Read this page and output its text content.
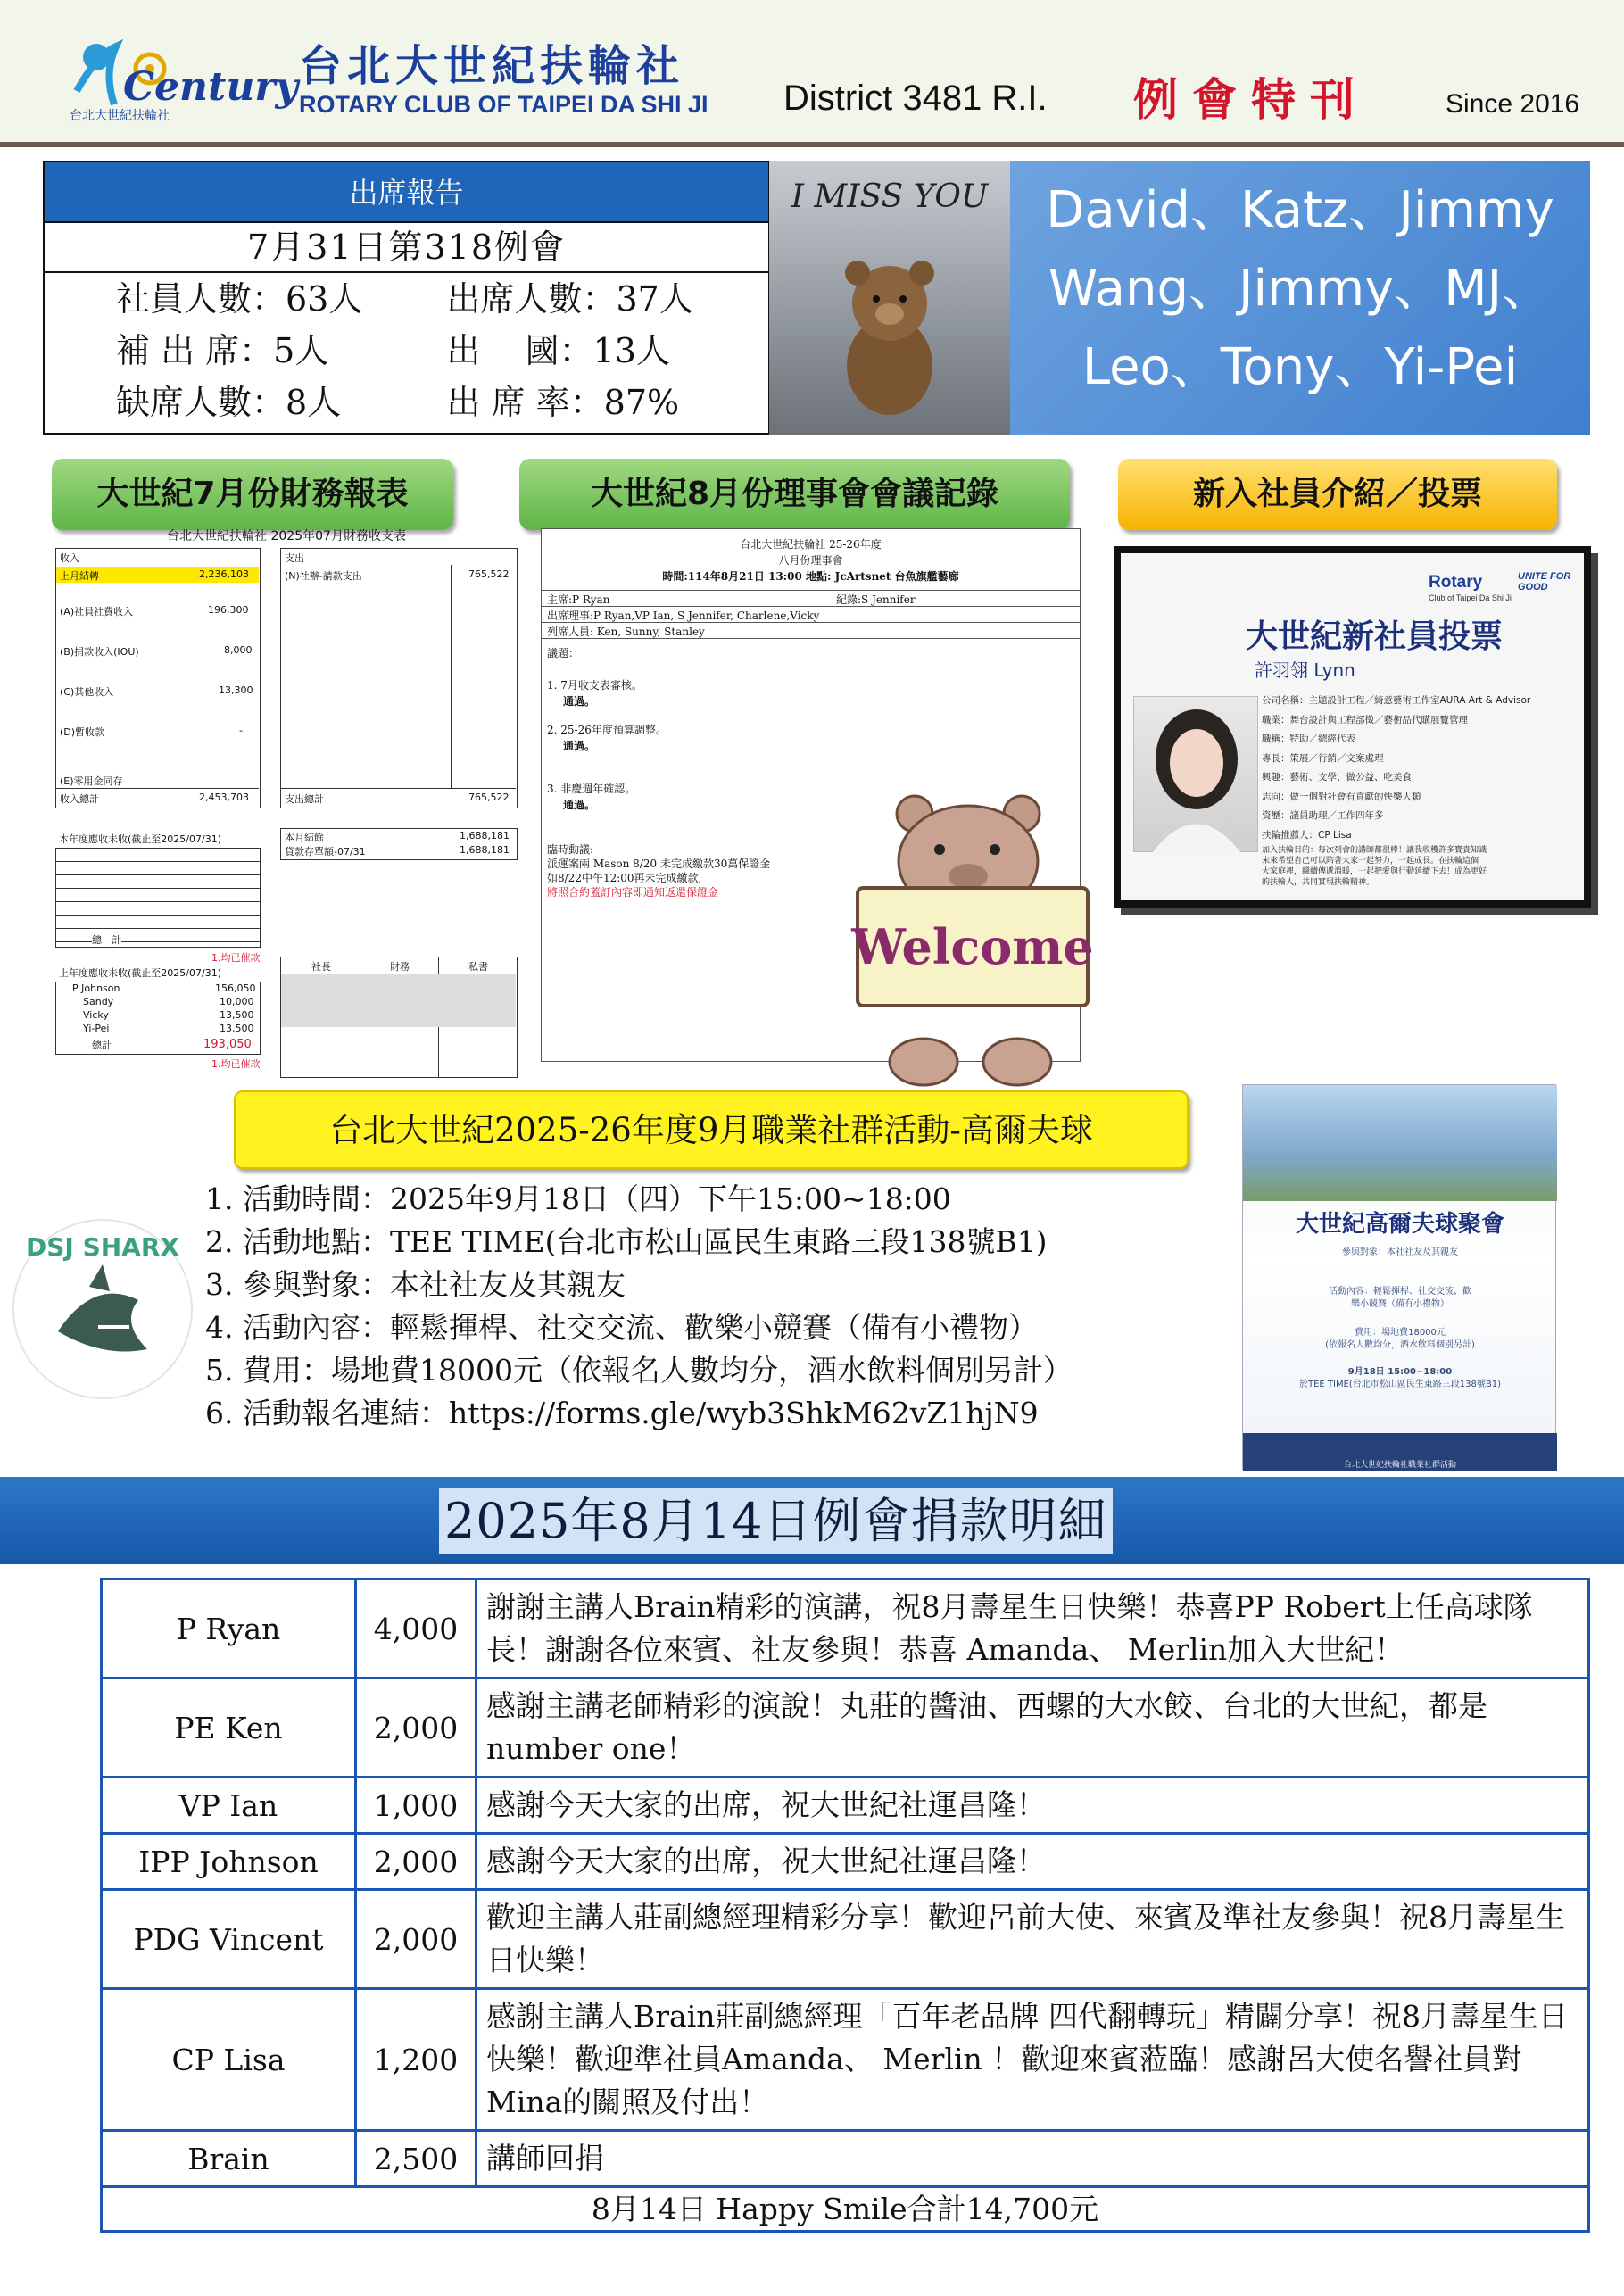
Century
台北大世紀扶輪社
台北大世紀扶輪社
ROTARY CLUB OF TAIPEI DA SHI JI District 3481 R.I. 例會特刊	Since 2016
出席報告
7月31日第318例會
社員人數：63人	出席人數：37人
補 出 席：5人	出　 國：13人
缺席人數：8人	出 席 率：87%
I MISS YOU	David、Katz、Jimmy
Wang、Jimmy、MJ、
Leo、Tony、Yi-Pei
大世紀7月份財務報表	大世紀8月份理事會會議記錄	新入社員介紹／投票
台北大世紀扶輪社 2025年07月財務收支表
收入
上月結轉	2,236,103
(A)社員社費收入	196,300
(B)捐款收入(IOU)	8,000
(C)其他收入	13,300
(D)暫收款	-
(E)零用金同存
收入總計	2,453,703
支出
(N)社辦-請款支出	765,522
支出總計	765,522
本月結餘	1,688,181
貸款存單額-07/31	1,688,181
本年度應收未收(截止至2025/07/31)
總　計
1.均已催款
上年度應收未收(截止至2025/07/31)
P Johnson	156,050
Sandy	10,000
Vicky	13,500
Yi-Pei	13,500
總計	193,050
1.均已催款
社長	財務	私書
台北大世紀扶輪社 25-26年度
八月份理事會
時間:114年8月21日 13:00 地點: JcArtsnet 台魚旗艦藝廊
主席:P Ryan	紀錄:S Jennifer
出席理事:P Ryan,VP Ian, S Jennifer, Charlene,Vicky
列席人員: Ken, Sunny, Stanley
議題：
1. 7月收支表審核。
通過。
2. 25-26年度預算調整。
通過。
3. 非慶週年確認。
通過。
臨時動議:
派運案兩 Mason 8/20 未完成繳款30萬保證金
如8/22中午12:00再未完成繳款,
將照合約蓋訂內容即通知返還保證金
Welcome
Rotary
Club of Taipei Da Shi Ji
UNITE FOR GOOD
大世紀新社員投票
許羽翎 Lynn
公司名稱：主題設計工程／綺意藝術工作室AURA Art & Advisor
職業：舞台設計與工程部徵／藝術品代購展覽管理
職稱：特助／總經代表
專長：策展／行銷／文案處理
興趣：藝術、文學、做公益、吃美食
志向：做一個對社會有貢獻的快樂人類
資歷：議員助理／工作四年多
扶輪推薦人：CP Lisa
加入扶輪目的：每次列會的講師都很棒！讓我收穫許多寶貴知識
未來希望自己可以陪著大家一起努力，一起成長。在扶輪這個
大家庭裡，繼續傳遞溫暖，一起把愛與行動延續下去！成為更好
的扶輪人，共同實現扶輪精神。
台北大世紀2025-26年度9月職業社群活動-高爾夫球
1. 活動時間：2025年9月18日（四）下午15:00~18:00
2. 活動地點：TEE TIME(台北市松山區民生東路三段138號B1)
3. 參與對象：本社社友及其親友
4. 活動內容：輕鬆揮桿、社交交流、歡樂小競賽（備有小禮物）
5. 費用：場地費18000元（依報名人數均分，酒水飲料個別另計）
6. 活動報名連結：https://forms.gle/wyb3ShkM62vZ1hjN9
DSJ SHARX
大世紀高爾夫球聚會
參與對象：本社社友及其親友
活動內容：輕鬆揮桿、社交交流、歡
樂小競賽（備有小禮物）
費用：場地費18000元
(依報名人數均分，酒水飲料個別另計)
9月18日 15:00~18:00
於TEE TIME(台北市松山區民生東路三段138號B1)
台北大世紀扶輪社職業社群活動
2025年8月14日例會捐款明細
P Ryan	4,000	謝謝主講人Brain精彩的演講，祝8月壽星生日快樂！恭喜PP Robert上任高球隊長！謝謝各位來賓、社友參與！恭喜 Amanda、 Merlin加入大世紀！
PE Ken	2,000	感謝主講老師精彩的演說！丸莊的醬油、西螺的大水餃、台北的大世紀，都是number one！
VP Ian	1,000	感謝今天大家的出席，祝大世紀社運昌隆！
IPP Johnson	2,000	感謝今天大家的出席，祝大世紀社運昌隆！
PDG Vincent	2,000	歡迎主講人莊副總經理精彩分享！歡迎呂前大使、來賓及準社友參與！祝8月壽星生日快樂！
CP Lisa	1,200	感謝主講人Brain莊副總經理「百年老品牌 四代翻轉玩」精闢分享！祝8月壽星生日快樂！歡迎準社員Amanda、 Merlin ！歡迎來賓蒞臨！感謝呂大使名譽社員對Mina的關照及付出！
Brain	2,500	講師回捐
8月14日 Happy Smile合計14,700元		
